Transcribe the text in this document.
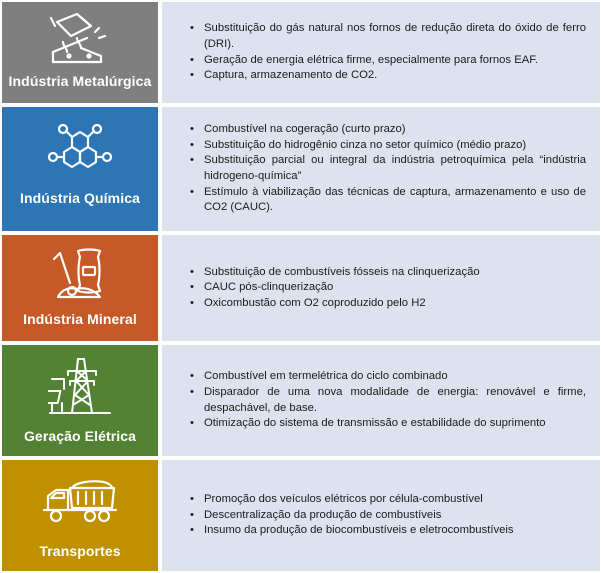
Indústria Metalúrgica
• Substituição do gás natural nos fornos de redução direta do óxido de ferro (DRI).
• Geração de energia elétrica firme, especialmente para fornos EAF.
• Captura, armazenamento de CO2.
Indústria Química
• Combustível na cogeração (curto prazo)
• Substituição do hidrogênio cinza no setor químico (médio prazo)
• Substituição parcial ou integral da indústria petroquímica pela “indústria hidrogeno-química”
• Estímulo à viabilização das técnicas de captura, armazenamento e uso de CO2 (CAUC).
Indústria Mineral
• Substituição de combustíveis fósseis na clinquerização
• CAUC pós-clinquerização
• Oxicombustão com O2 coproduzido pelo H2
Geração Elétrica
• Combustível em termelétrica do ciclo combinado
• Disparador de uma nova modalidade de energia: renovável e firme, despachável, de base.
• Otimização do sistema de transmissão e estabilidade do suprimento
Transportes
• Promoção dos veículos elétricos por célula-combustível
• Descentralização da produção de combustíveis
• Insumo da produção de biocombustíveis e eletrocombustíveis
